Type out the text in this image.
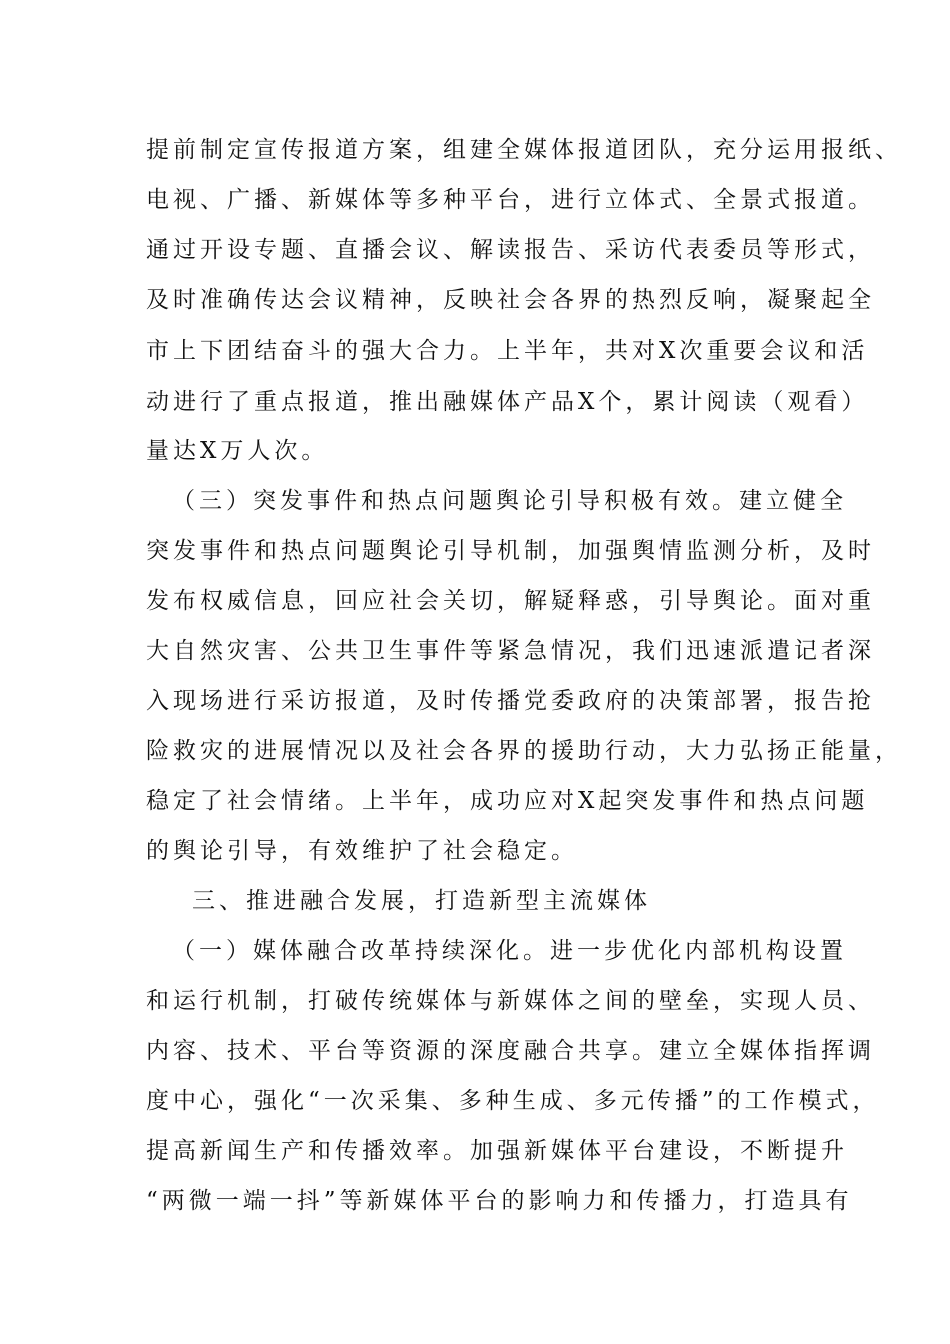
提前制定宣传报道方案，组建全媒体报道团队，充分运用报纸、

电视、广播、新媒体等多种平台，进行立体式、全景式报道。

通过开设专题、直播会议、解读报告、采访代表委员等形式，

及时准确传达会议精神，反映社会各界的热烈反响，凝聚起全

市上下团结奋斗的强大合力。上半年，共对X次重要会议和活

动进行了重点报道，推出融媒体产品X个，累计阅读（观看）

量达X万人次。

（三）突发事件和热点问题舆论引导积极有效。建立健全

突发事件和热点问题舆论引导机制，加强舆情监测分析，及时

发布权威信息，回应社会关切，解疑释惑，引导舆论。面对重

大自然灾害、公共卫生事件等紧急情况，我们迅速派遣记者深

入现场进行采访报道，及时传播党委政府的决策部署，报告抢

险救灾的进展情况以及社会各界的援助行动，大力弘扬正能量，

稳定了社会情绪。上半年，成功应对X起突发事件和热点问题

的舆论引导，有效维护了社会稳定。

三、推进融合发展，打造新型主流媒体

（一）媒体融合改革持续深化。进一步优化内部机构设置

和运行机制，打破传统媒体与新媒体之间的壁垒，实现人员、

内容、技术、平台等资源的深度融合共享。建立全媒体指挥调

度中心，强化“一次采集、多种生成、多元传播”的工作模式，

提高新闻生产和传播效率。加强新媒体平台建设，不断提升

“两微一端一抖”等新媒体平台的影响力和传播力，打造具有
